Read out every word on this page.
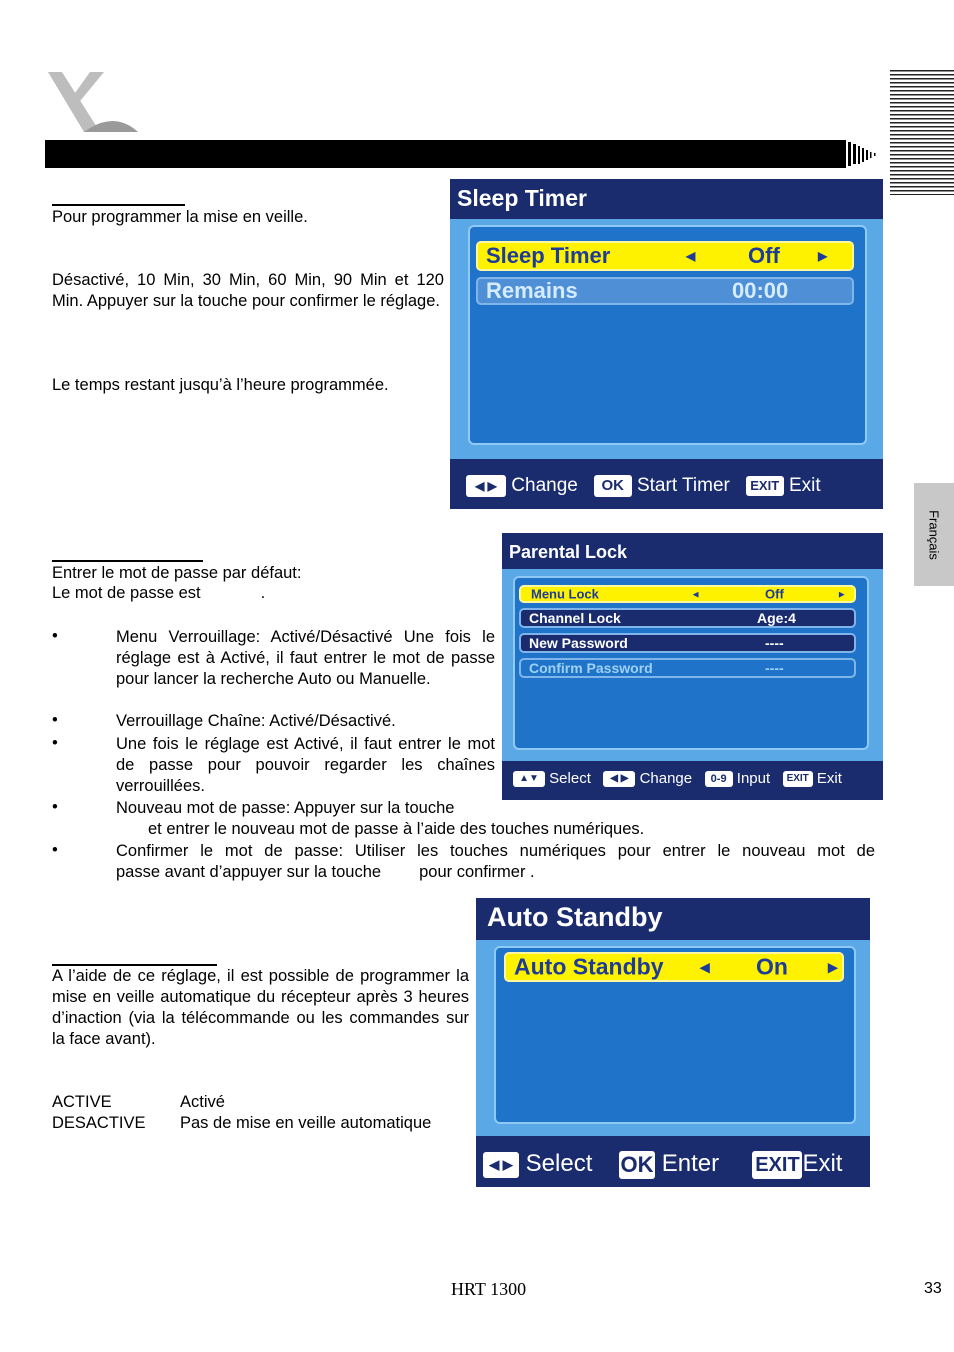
Français
Pour programmer la mise en veille.
Désactivé, 10 Min, 30 Min, 60 Min, 90 Min et 120 Min. Appuyer sur la touche pour confirmer le réglage.
Le temps restant jusqu’à l’heure programmée.
Sleep Timer
Sleep Timer	◀ Off	▶
Remains	00:00
◀ ▶ Change OK Start Timer EXIT Exit
Entrer le mot de passe par défaut:
Le mot de passe est	.
•	Menu Verrouillage: Activé/Désactivé Une fois le réglage est à Activé, il faut entrer le mot de passe pour lancer la recherche Auto ou Manuelle.
•	Verrouillage Chaîne: Activé/Désactivé.
•	Une fois le réglage est Activé, il faut entrer le mot de passe pour pouvoir regarder les chaînes verrouillées.
•	Nouveau mot de passe: Appuyer sur la touche
et entrer le nouveau mot de passe à l’aide des touches numériques.
•	Confirmer le mot de passe: Utiliser les touches numériques pour entrer le nouveau mot de
passe avant d’appuyer sur la touche pour confirmer .
Parental Lock
Menu Lock	◀	Off	▶
Channel Lock	Age:4
New Password	----
Confirm Password	----
▲▼ Select ◀ ▶ Change 0-9 Input EXIT Exit
A l’aide de ce réglage, il est possible de programmer la mise en veille automatique du récepteur après 3 heures d’inaction (via la télécommande ou les commandes sur la face avant).
ACTIVE	Activé
DESACTIVE Pas de mise en veille automatique
Auto Standby
Auto Standby	◀ On	▶
◀ ▶ Select OK Enter EXIT Exit
HRT 1300	33
